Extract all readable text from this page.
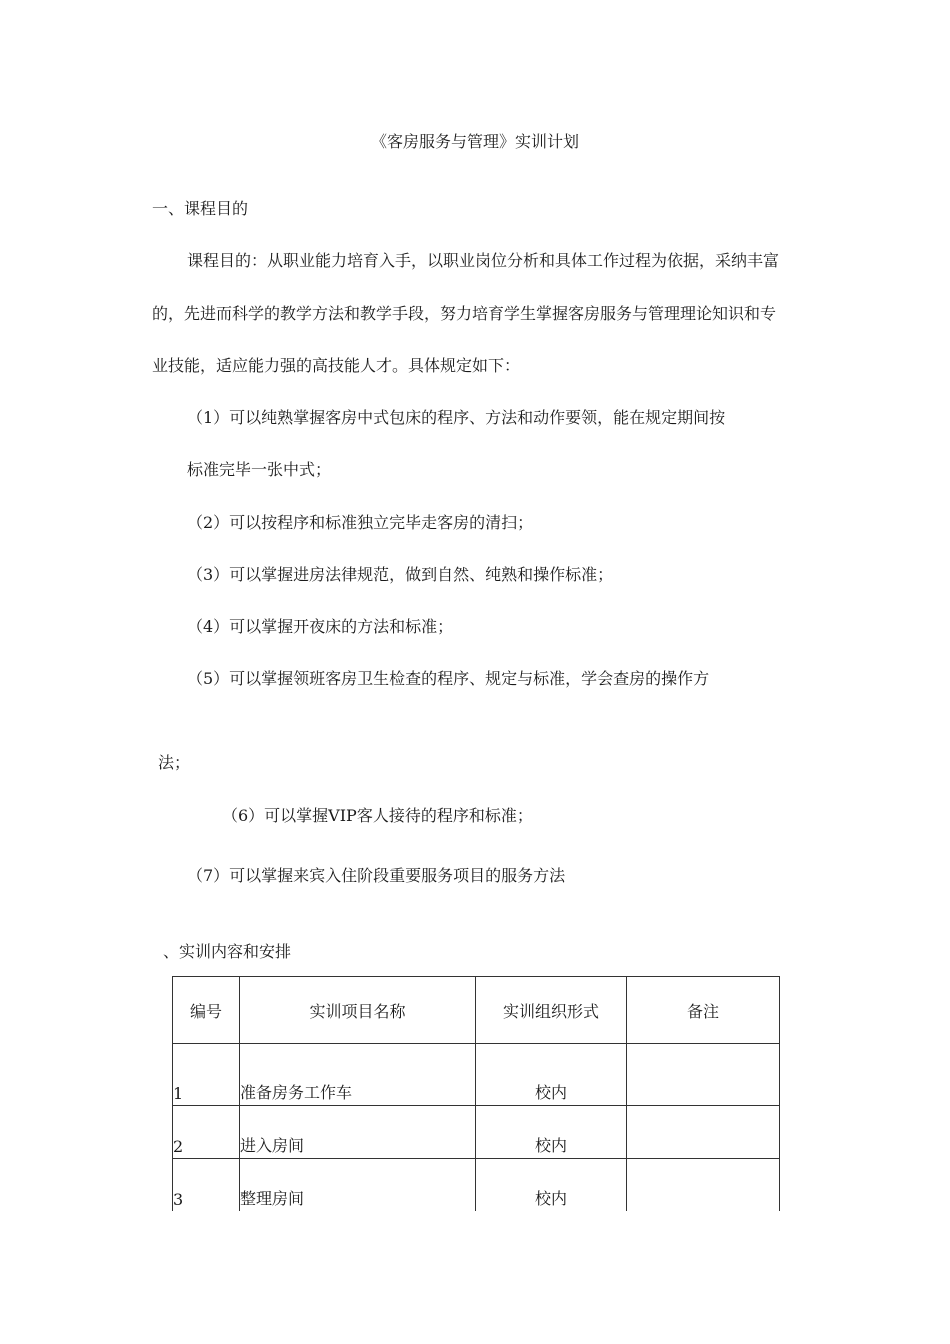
《客房服务与管理》实训计划
一、课程目的
课程目的：从职业能力培育入手，以职业岗位分析和具体工作过程为依据，采纳丰富
的，先进而科学的教学方法和教学手段，努力培育学生掌握客房服务与管理理论知识和专
业技能，适应能力强的高技能人才。具体规定如下：
（1）可以纯熟掌握客房中式包床的程序、方法和动作要领，能在规定期间按
标准完毕一张中式；
（2）可以按程序和标准独立完毕走客房的清扫；
（3）可以掌握进房法律规范，做到自然、纯熟和操作标准；
（4）可以掌握开夜床的方法和标准；
（5）可以掌握领班客房卫生检查的程序、规定与标准，学会查房的操作方
法；
（6）可以掌握VIP客人接待的程序和标准；
（7）可以掌握来宾入住阶段重要服务项目的服务方法
、实训内容和安排
编号	实训项目名称	实训组织形式	备注
1	准备房务工作车	校内	
2	进入房间	校内	
3	整理房间	校内	
